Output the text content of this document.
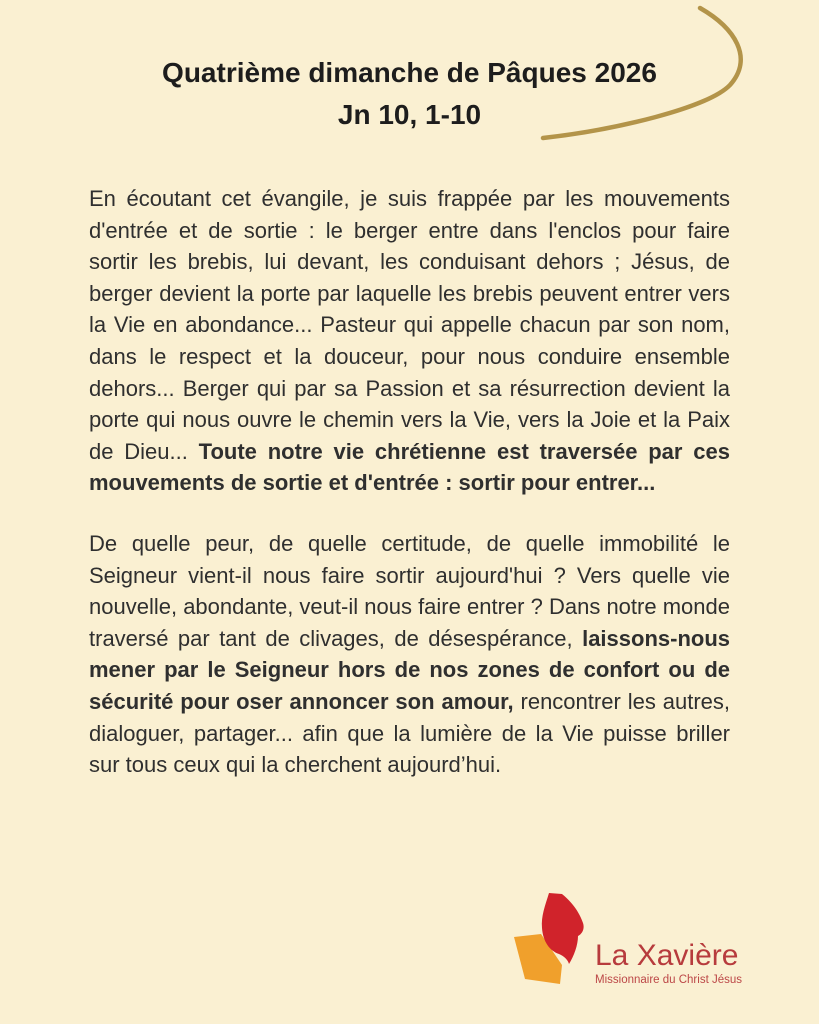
Quatrième dimanche de Pâques 2026
Jn 10, 1-10

En écoutant cet évangile, je suis frappée par les mouvements d'entrée et de sortie : le berger entre dans l'enclos pour faire sortir les brebis, lui devant, les conduisant dehors ; Jésus, de berger devient la porte par laquelle les brebis peuvent entrer vers la Vie en abondance... Pasteur qui appelle chacun par son nom, dans le respect et la douceur, pour nous conduire ensemble dehors... Berger qui par sa Passion et sa résurrection devient la porte qui nous ouvre le chemin vers la Vie, vers la Joie et la Paix de Dieu... Toute notre vie chrétienne est traversée par ces mouvements de sortie et d'entrée : sortir pour entrer...

De quelle peur, de quelle certitude, de quelle immobilité le Seigneur vient-il nous faire sortir aujourd'hui ? Vers quelle vie nouvelle, abondante, veut-il nous faire entrer ? Dans notre monde traversé par tant de clivages, de désespérance, laissons-nous mener par le Seigneur hors de nos zones de confort ou de sécurité pour oser annoncer son amour, rencontrer les autres, dialoguer, partager... afin que la lumière de la Vie puisse briller sur tous ceux qui la cherchent aujourd’hui.

La Xavière
Missionnaire du Christ Jésus
